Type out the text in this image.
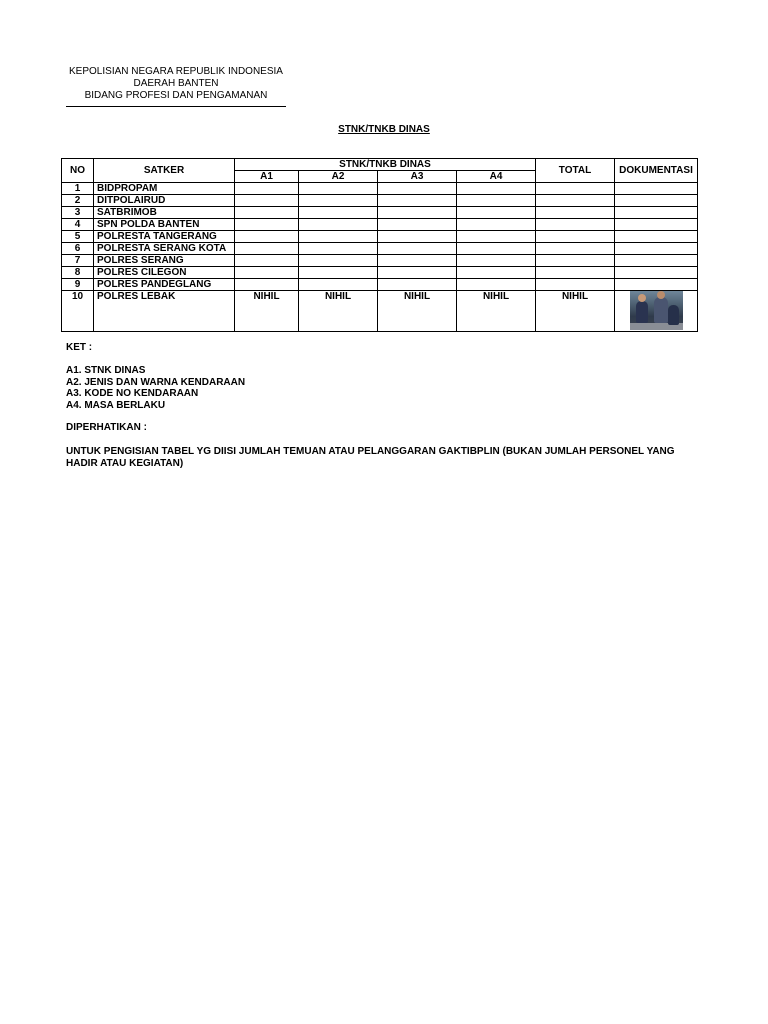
KEPOLISIAN NEGARA REPUBLIK INDONESIA
DAERAH BANTEN
BIDANG PROFESI DAN PENGAMANAN
STNK/TNKB DINAS
NO	SATKER	STNK/TNKB DINAS				TOTAL	DOKUMENTASI
		A1	A2	A3	A4		
1	BIDPROPAM						
2	DITPOLAIRUD						
3	SATBRIMOB						
4	SPN POLDA BANTEN						
5	POLRESTA TANGERANG						
6	POLRESTA SERANG KOTA						
7	POLRES SERANG						
8	POLRES CILEGON						
9	POLRES PANDEGLANG						
10	POLRES LEBAK	NIHIL	NIHIL	NIHIL	NIHIL	NIHIL	
KET :
A1. STNK DINAS
A2. JENIS DAN WARNA KENDARAAN
A3. KODE NO KENDARAAN
A4. MASA BERLAKU
DIPERHATIKAN :
UNTUK PENGISIAN TABEL YG DIISI JUMLAH TEMUAN ATAU PELANGGARAN GAKTIBPLIN (BUKAN JUMLAH PERSONEL YANG HADIR ATAU KEGIATAN)
